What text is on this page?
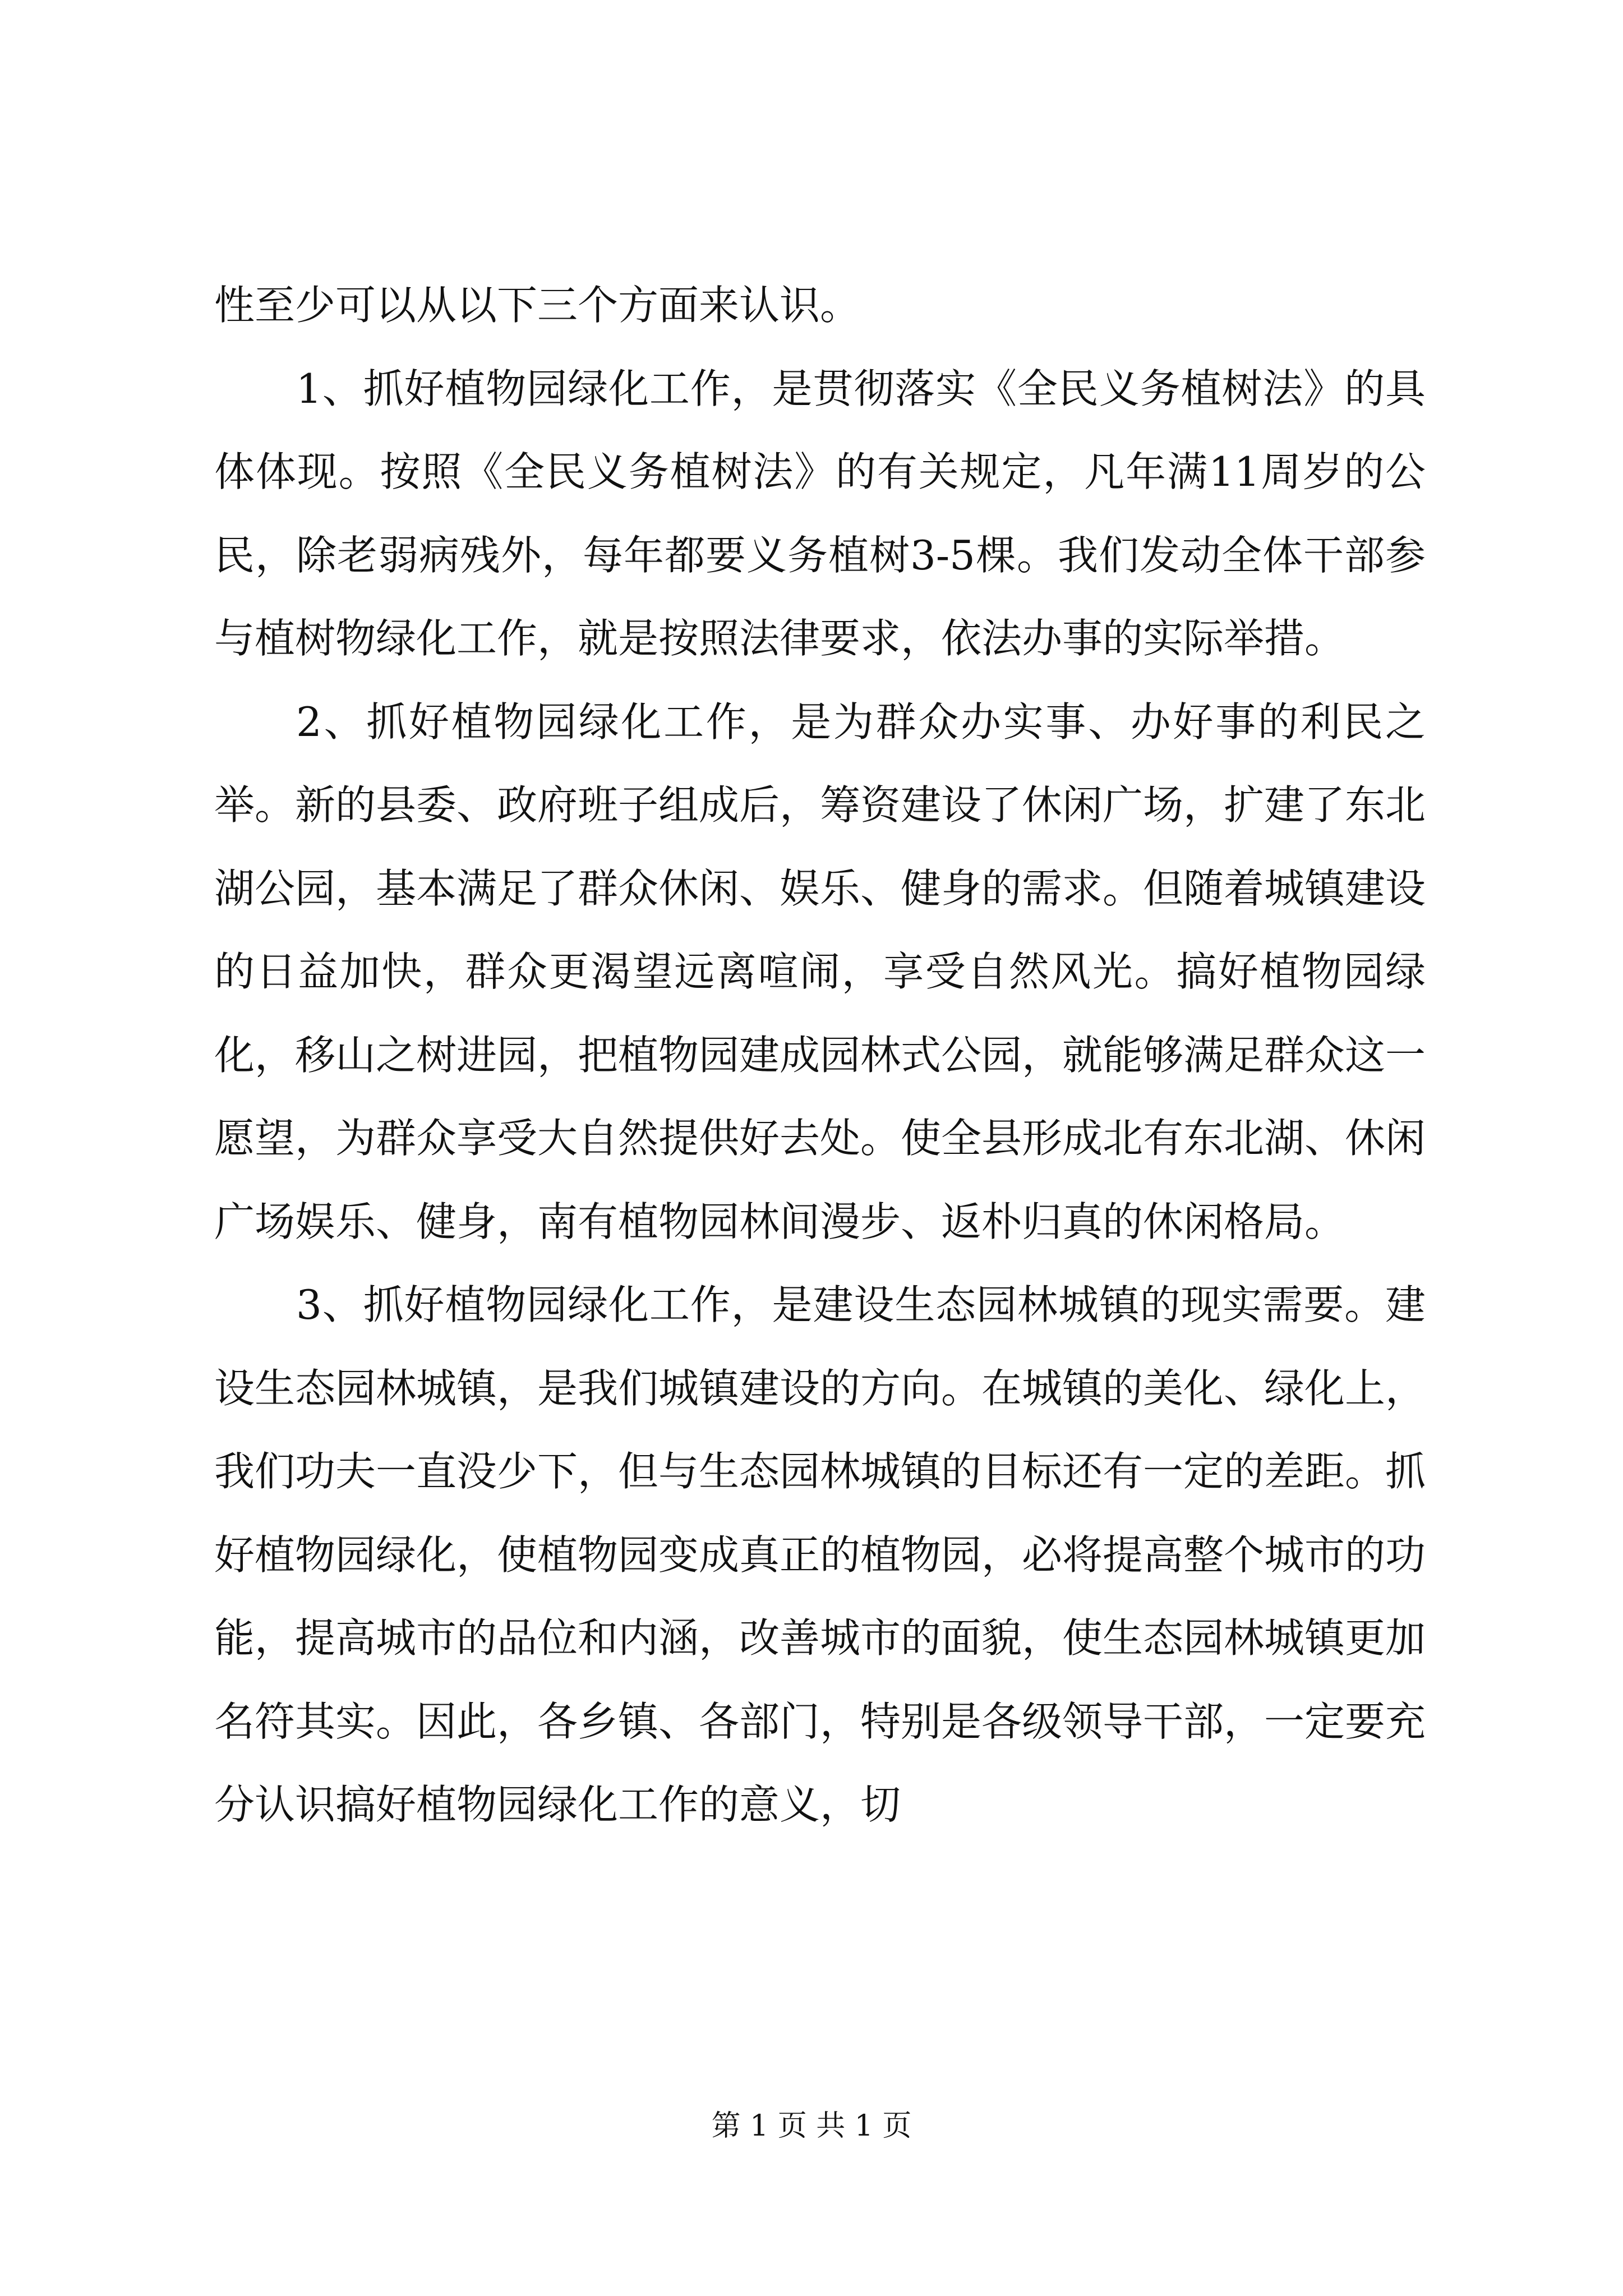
性至少可以从以下三个方面来认识。

1、抓好植物园绿化工作，是贯彻落实《全民义务植树法》的具体体现。按照《全民义务植树法》的有关规定，凡年满11周岁的公民，除老弱病残外，每年都要义务植树3-5棵。我们发动全体干部参与植树物绿化工作，就是按照法律要求，依法办事的实际举措。

2、抓好植物园绿化工作，是为群众办实事、办好事的利民之举。新的县委、政府班子组成后，筹资建设了休闲广场，扩建了东北湖公园，基本满足了群众休闲、娱乐、健身的需求。但随着城镇建设的日益加快，群众更渴望远离喧闹，享受自然风光。搞好植物园绿化，移山之树进园，把植物园建成园林式公园，就能够满足群众这一愿望，为群众享受大自然提供好去处。使全县形成北有东北湖、休闲广场娱乐、健身，南有植物园林间漫步、返朴归真的休闲格局。

3、抓好植物园绿化工作，是建设生态园林城镇的现实需要。建设生态园林城镇，是我们城镇建设的方向。在城镇的美化、绿化上，我们功夫一直没少下，但与生态园林城镇的目标还有一定的差距。抓好植物园绿化，使植物园变成真正的植物园，必将提高整个城市的功能，提高城市的品位和内涵，改善城市的面貌，使生态园林城镇更加名符其实。因此，各乡镇、各部门，特别是各级领导干部，一定要充分认识搞好植物园绿化工作的意义，切

第 1 页 共 1 页
